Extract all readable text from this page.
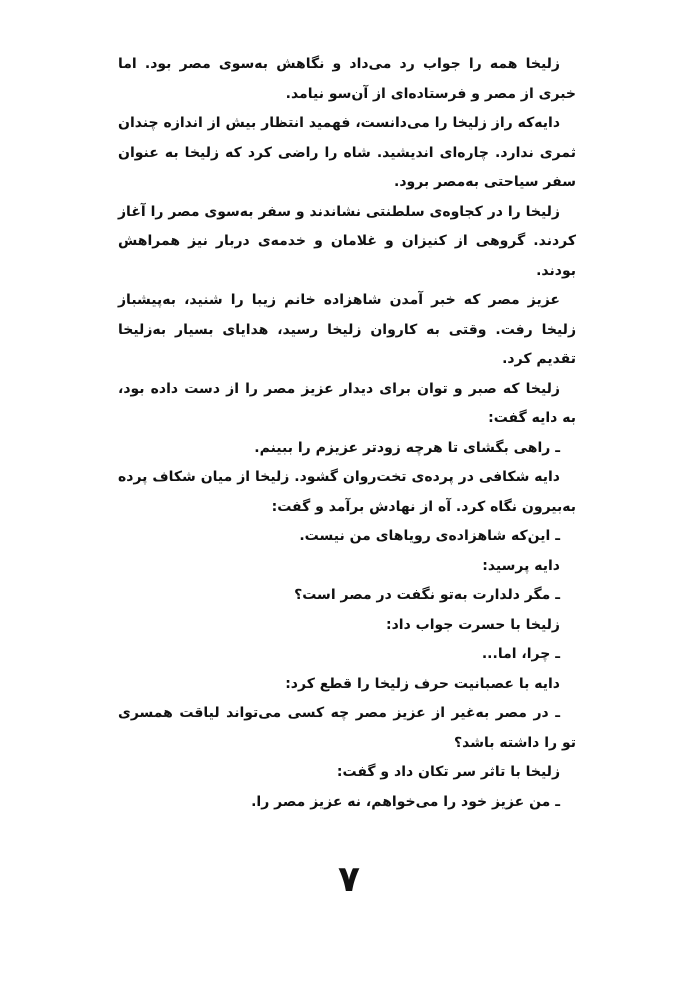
زلیخا همه را جواب رد می‌داد و نگاهش به‌سوی مصر بود. اما خبری از مصر و فرستاده‌ای از آن‌سو نیامد.

دایه‌که راز زلیخا را می‌دانست، فهمید انتظار بیش از اندازه چندان ثمری ندارد. چاره‌ای اندیشید. شاه را راضی کرد که زلیخا به عنوان سفر سیاحتی به‌مصر برود.

زلیخا را در کجاوه‌ی سلطنتی نشاندند و سفر به‌سوی مصر را آغاز کردند. گروهی از کنیزان و غلامان و خدمه‌ی دربار نیز همراهش بودند.

عزیز مصر که خبر آمدن شاهزاده خانم زیبا را شنید، به‌پیشباز زلیخا رفت. وقتی به کاروان زلیخا رسید، هدایای بسیار به‌زلیخا تقدیم کرد.

زلیخا که صبر و توان برای دیدار عزیز مصر را از دست داده بود، به دایه گفت:

ـ راهی بگشای تا هرچه زودتر عزیزم را ببینم.

دایه شکافی در پرده‌ی تخت‌روان گشود. زلیخا از میان شکاف پرده به‌بیرون نگاه کرد. آه از نهادش برآمد و گفت:

ـ این‌که شاهزاده‌ی رویاهای من نیست.

دایه پرسید:

ـ مگر دلدارت به‌تو نگفت در مصر است؟

زلیخا با حسرت جواب داد:

ـ چرا، اما...

دایه با عصبانیت حرف زلیخا را قطع کرد:

ـ در مصر به‌غیر از عزیز مصر چه کسی می‌تواند لیاقت همسری تو را داشته باشد؟

زلیخا با تاثر سر تکان داد و گفت:

ـ من عزیز خود را می‌خواهم، نه عزیز مصر را.

۷
